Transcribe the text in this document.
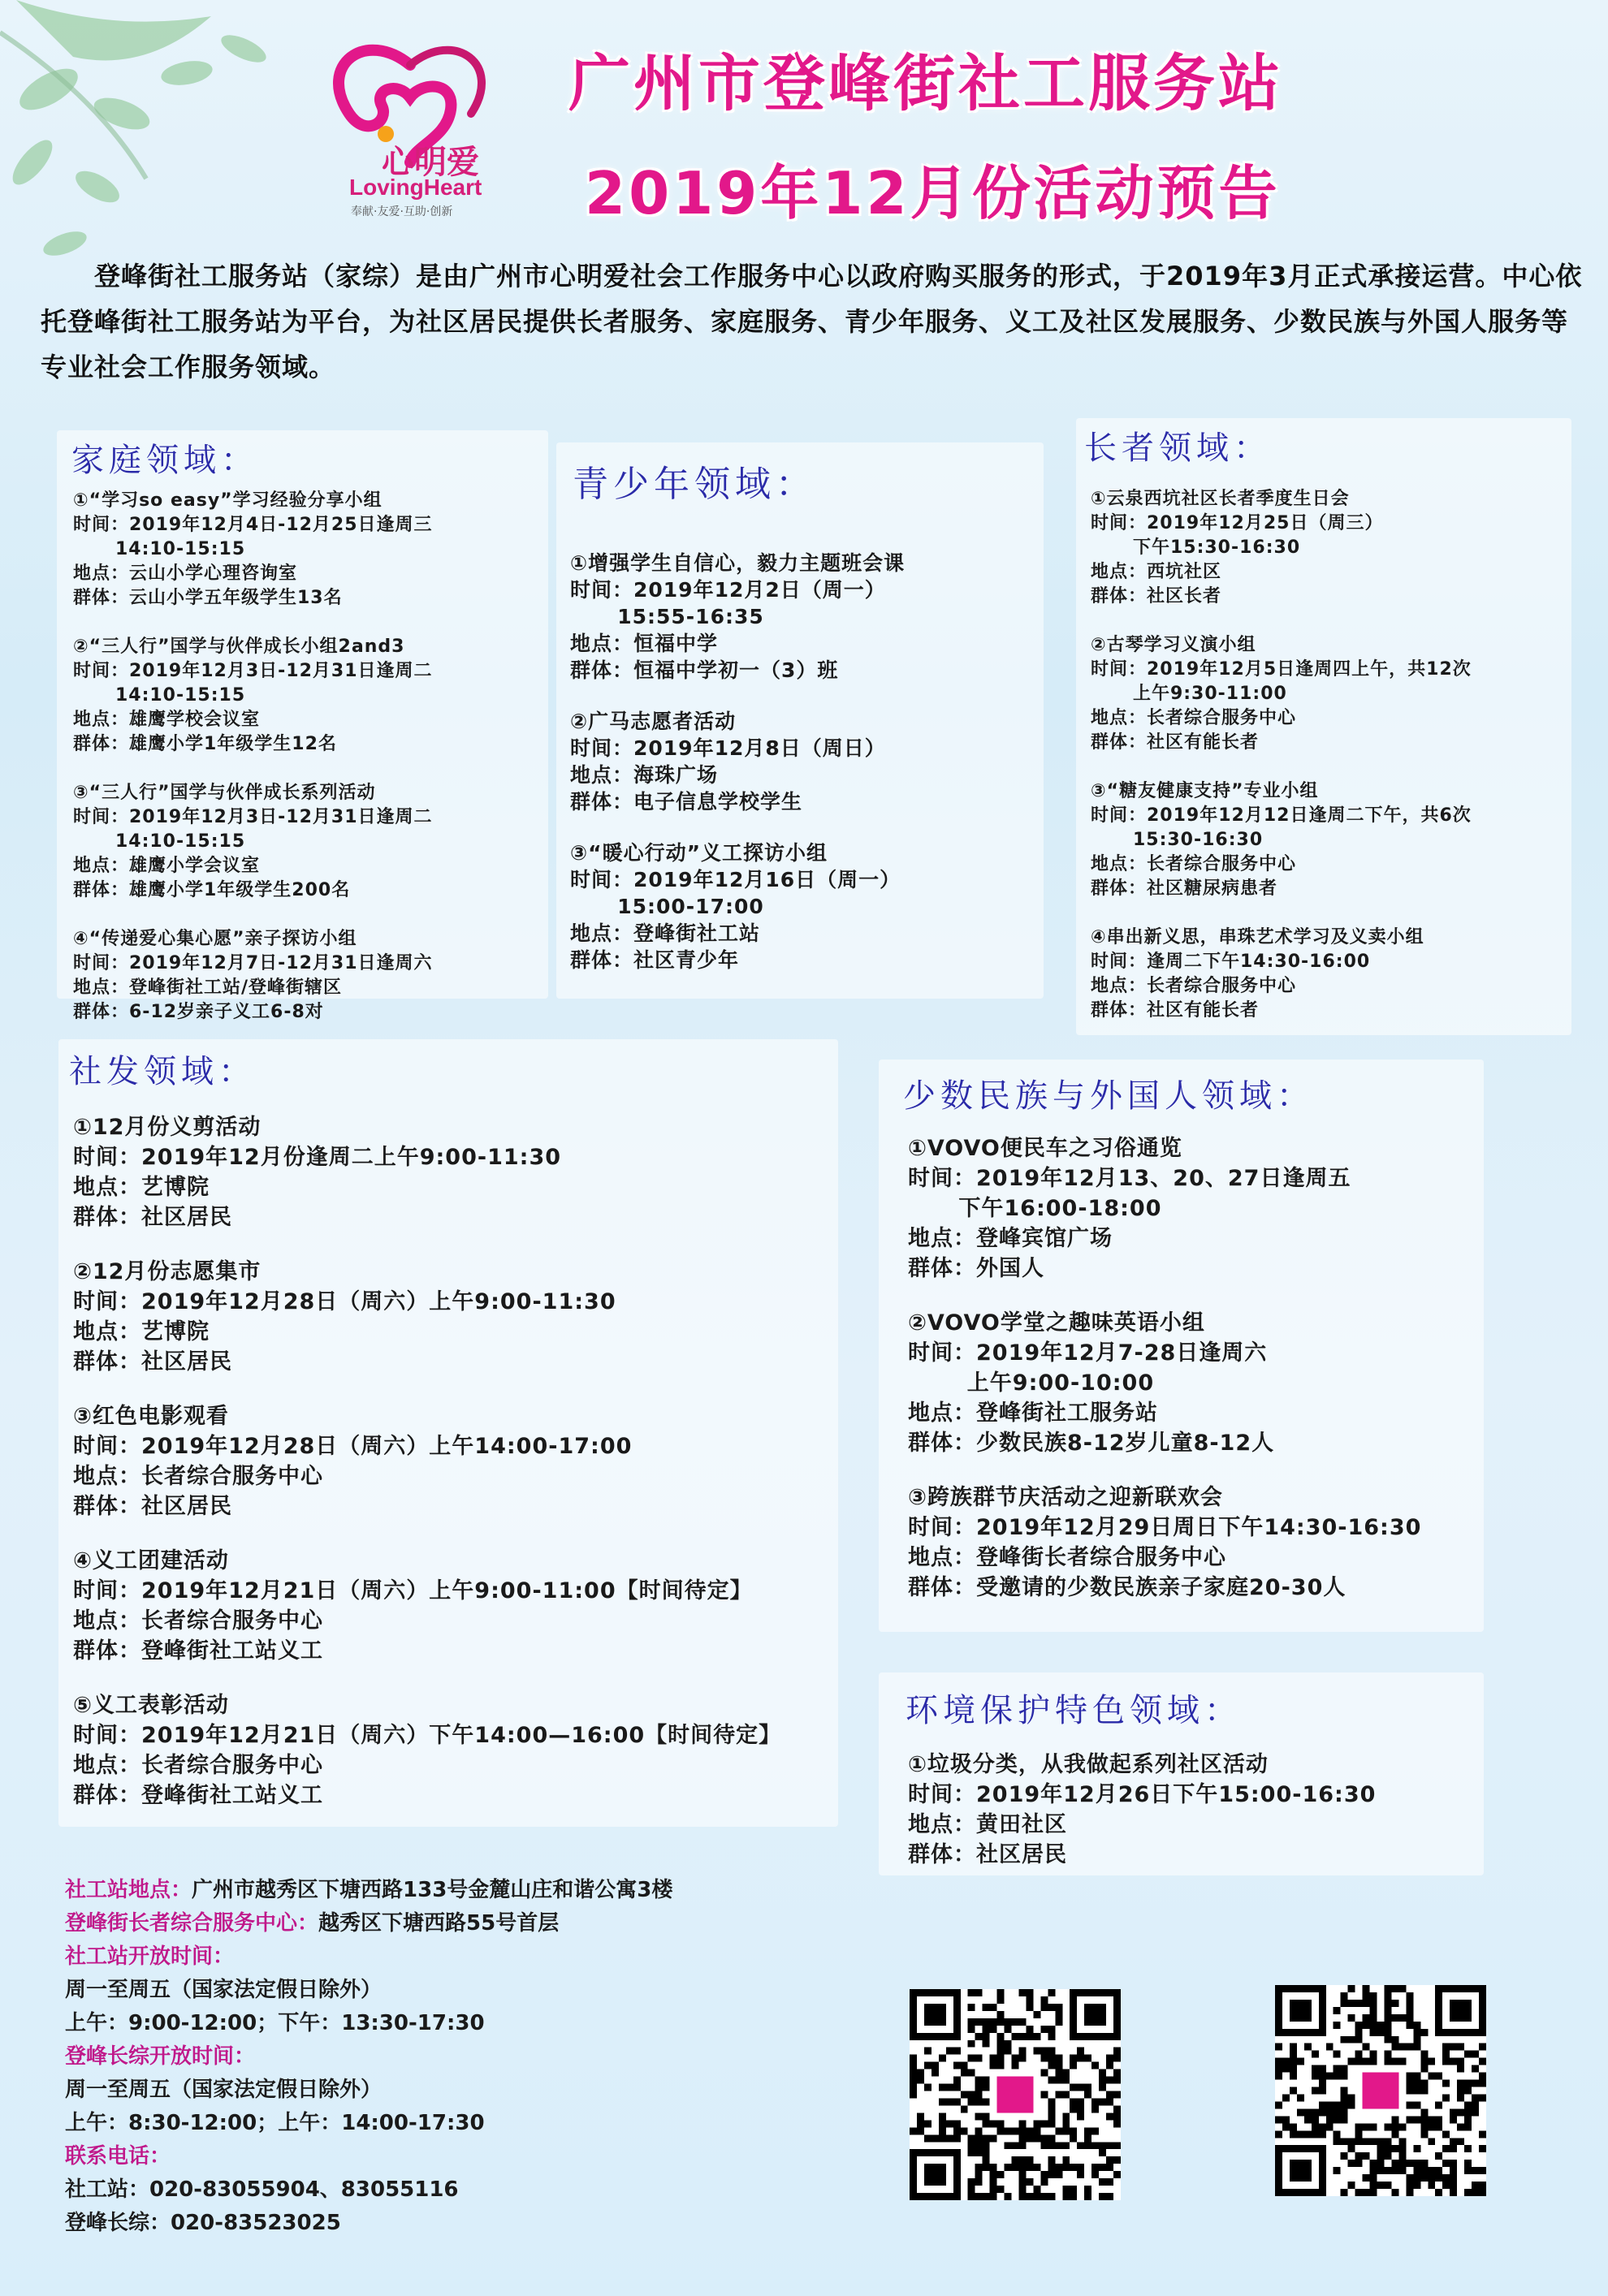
心明爱
LovingHeart
奉献·友爱·互助·创新
广州市登峰街社工服务站
2019年12月份活动预告
登峰街社工服务站（家综）是由广州市心明爱社会工作服务中心以政府购买服务的形式，于2019年3月正式承接运营。中心依托登峰街社工服务站为平台，为社区居民提供长者服务、家庭服务、青少年服务、义工及社区发展服务、少数民族与外国人服务等专业社会工作服务领域。
家庭领域：
①“学习so easy”学习经验分享小组
时间：2019年12月4日-12月25日逢周三
14:10-15:15
地点：云山小学心理咨询室
群体：云山小学五年级学生13名
②“三人行”国学与伙伴成长小组2and3
时间：2019年12月3日-12月31日逢周二
14:10-15:15
地点：雄鹰学校会议室
群体：雄鹰小学1年级学生12名
③“三人行”国学与伙伴成长系列活动
时间：2019年12月3日-12月31日逢周二
14:10-15:15
地点：雄鹰小学会议室
群体：雄鹰小学1年级学生200名
④“传递爱心集心愿”亲子探访小组
时间：2019年12月7日-12月31日逢周六
地点：登峰街社工站/登峰街辖区
群体：6-12岁亲子义工6-8对
青少年领域：
①增强学生自信心，毅力主题班会课
时间：2019年12月2日（周一）
15:55-16:35
地点：恒福中学
群体：恒福中学初一（3）班
②广马志愿者活动
时间：2019年12月8日（周日）
地点：海珠广场
群体：电子信息学校学生
③“暖心行动”义工探访小组
时间：2019年12月16日（周一）
15:00-17:00
地点：登峰街社工站
群体：社区青少年
长者领域：
①云泉西坑社区长者季度生日会
时间：2019年12月25日（周三）
下午15:30-16:30
地点：西坑社区
群体：社区长者
②古琴学习义演小组
时间：2019年12月5日逢周四上午，共12次
上午9:30-11:00
地点：长者综合服务中心
群体：社区有能长者
③“糖友健康支持”专业小组
时间：2019年12月12日逢周二下午，共6次
15:30-16:30
地点：长者综合服务中心
群体：社区糖尿病患者
④串出新义思，串珠艺术学习及义卖小组
时间：逢周二下午14:30-16:00
地点：长者综合服务中心
群体：社区有能长者
社发领域：
①12月份义剪活动
时间：2019年12月份逢周二上午9:00-11:30
地点：艺博院
群体：社区居民
②12月份志愿集市
时间：2019年12月28日（周六）上午9:00-11:30
地点：艺博院
群体：社区居民
③红色电影观看
时间：2019年12月28日（周六）上午14:00-17:00
地点：长者综合服务中心
群体：社区居民
④义工团建活动
时间：2019年12月21日（周六）上午9:00-11:00【时间待定】
地点：长者综合服务中心
群体：登峰街社工站义工
⑤义工表彰活动
时间：2019年12月21日（周六）下午14:00—16:00【时间待定】
地点：长者综合服务中心
群体：登峰街社工站义工
少数民族与外国人领域：
①VOVO便民车之习俗通览
时间：2019年12月13、20、27日逢周五
下午16:00-18:00
地点：登峰宾馆广场
群体：外国人
②VOVO学堂之趣味英语小组
时间：2019年12月7-28日逢周六
上午9:00-10:00
地点：登峰街社工服务站
群体：少数民族8-12岁儿童8-12人
③跨族群节庆活动之迎新联欢会
时间：2019年12月29日周日下午14:30-16:30
地点：登峰街长者综合服务中心
群体：受邀请的少数民族亲子家庭20-30人
环境保护特色领域：
①垃圾分类，从我做起系列社区活动
时间：2019年12月26日下午15:00-16:30
地点：黄田社区
群体：社区居民
社工站地点：广州市越秀区下塘西路133号金麓山庄和谐公寓3楼
登峰街长者综合服务中心：越秀区下塘西路55号首层
社工站开放时间：
周一至周五（国家法定假日除外）
上午：9:00-12:00；下午：13:30-17:30
登峰长综开放时间：
周一至周五（国家法定假日除外）
上午：8:30-12:00；上午：14:00-17:30
联系电话：
社工站：020-83055904、83055116
登峰长综：020-83523025
